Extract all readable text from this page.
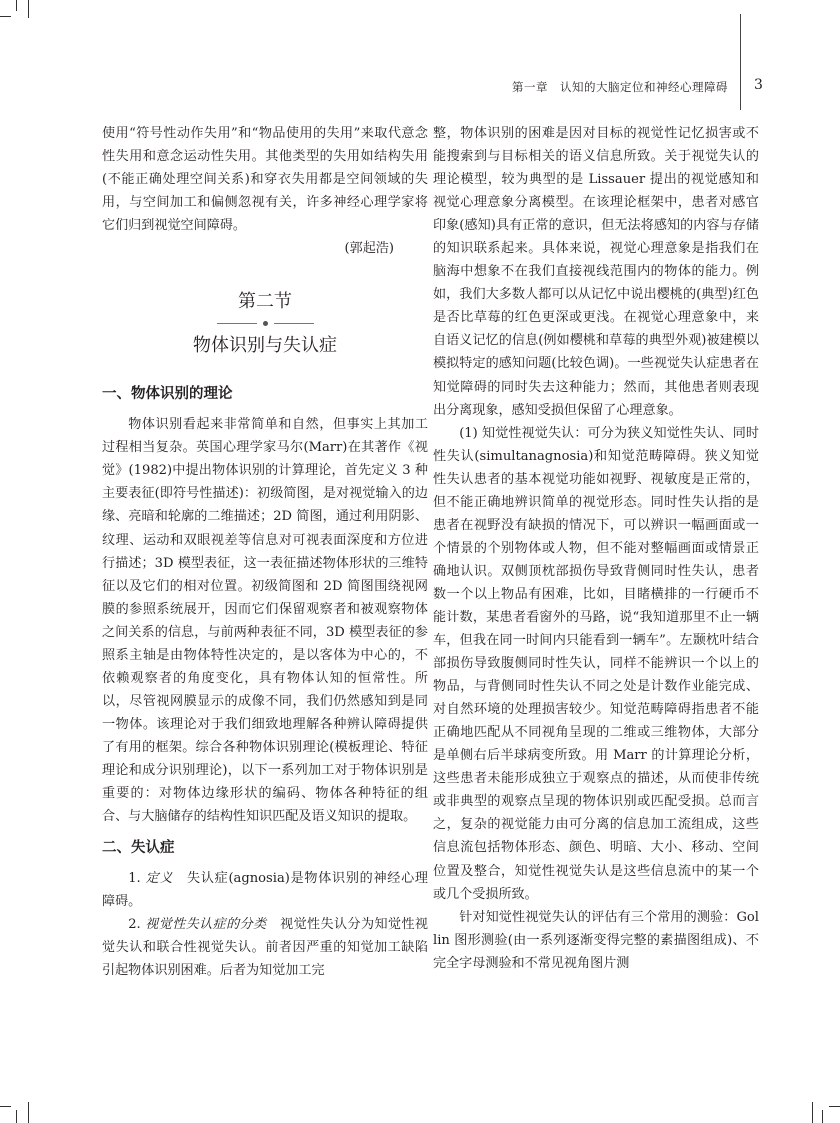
第一章　认知的大脑定位和神经心理障碍 3

使用“符号性动作失用”和“物品使用的失用”来取代意念性失用和意念运动性失用。其他类型的失用如结构失用(不能正确处理空间关系)和穿衣失用都是空间领域的失用，与空间加工和偏侧忽视有关，许多神经心理学家将它们归到视觉空间障碍。

(郭起浩)

第二节
物体识别与失认症
一、物体识别的理论

物体识别看起来非常简单和自然，但事实上其加工过程相当复杂。英国心理学家马尔(Marr)在其著作《视觉》(1982)中提出物体识别的计算理论，首先定义 3 种主要表征(即符号性描述)：初级简图，是对视觉输入的边缘、亮暗和轮廓的二维描述；2D 简图，通过利用阴影、纹理、运动和双眼视差等信息对可视表面深度和方位进行描述；3D 模型表征，这一表征描述物体形状的三维特征以及它们的相对位置。初级简图和 2D 简图围绕视网膜的参照系统展开，因而它们保留观察者和被观察物体之间关系的信息，与前两种表征不同，3D 模型表征的参照系主轴是由物体特性决定的，是以客体为中心的，不依赖观察者的角度变化，具有物体认知的恒常性。所以，尽管视网膜显示的成像不同，我们仍然感知到是同一物体。该理论对于我们细致地理解各种辨认障碍提供了有用的框架。综合各种物体识别理论(模板理论、特征理论和成分识别理论)，以下一系列加工对于物体识别是重要的：对物体边缘形状的编码、物体各种特征的组合、与大脑储存的结构性知识匹配及语义知识的提取。

二、失认症

1. 定义　失认症(agnosia)是物体识别的神经心理障碍。

2. 视觉性失认症的分类　视觉性失认分为知觉性视觉失认和联合性视觉失认。前者因严重的知觉加工缺陷引起物体识别困难。后者为知觉加工完

整，物体识别的困难是因对目标的视觉性记忆损害或不能搜索到与目标相关的语义信息所致。关于视觉失认的理论模型，较为典型的是 Lissauer 提出的视觉感知和视觉心理意象分离模型。在该理论框架中，患者对感官印象(感知)具有正常的意识，但无法将感知的内容与存储的知识联系起来。具体来说，视觉心理意象是指我们在脑海中想象不在我们直接视线范围内的物体的能力。例如，我们大多数人都可以从记忆中说出樱桃的(典型)红色是否比草莓的红色更深或更浅。在视觉心理意象中，来自语义记忆的信息(例如樱桃和草莓的典型外观)被建模以模拟特定的感知问题(比较色调)。一些视觉失认症患者在知觉障碍的同时失去这种能力；然而，其他患者则表现出分离现象，感知受损但保留了心理意象。

(1) 知觉性视觉失认：可分为狭义知觉性失认、同时性失认(simultanagnosia)和知觉范畴障碍。狭义知觉性失认患者的基本视觉功能如视野、视敏度是正常的，但不能正确地辨识简单的视觉形态。同时性失认指的是患者在视野没有缺损的情况下，可以辨识一幅画面或一个情景的个别物体或人物，但不能对整幅画面或情景正确地认识。双侧顶枕部损伤导致背侧同时性失认，患者数一个以上物品有困难，比如，目睹横排的一行硬币不能计数，某患者看窗外的马路，说“我知道那里不止一辆车，但我在同一时间内只能看到一辆车”。左颞枕叶结合部损伤导致腹侧同时性失认，同样不能辨识一个以上的物品，与背侧同时性失认不同之处是计数作业能完成、对自然环境的处理损害较少。知觉范畴障碍指患者不能正确地匹配从不同视角呈现的二维或三维物体，大部分是单侧右后半球病变所致。用 Marr 的计算理论分析，这些患者未能形成独立于观察点的描述，从而使非传统或非典型的观察点呈现的物体识别或匹配受损。总而言之，复杂的视觉能力由可分离的信息加工流组成，这些信息流包括物体形态、颜色、明暗、大小、移动、空间位置及整合，知觉性视觉失认是这些信息流中的某一个或几个受损所致。

针对知觉性视觉失认的评估有三个常用的测验：Gollin 图形测验(由一系列逐渐变得完整的素描图组成)、不完全字母测验和不常见视角图片测
